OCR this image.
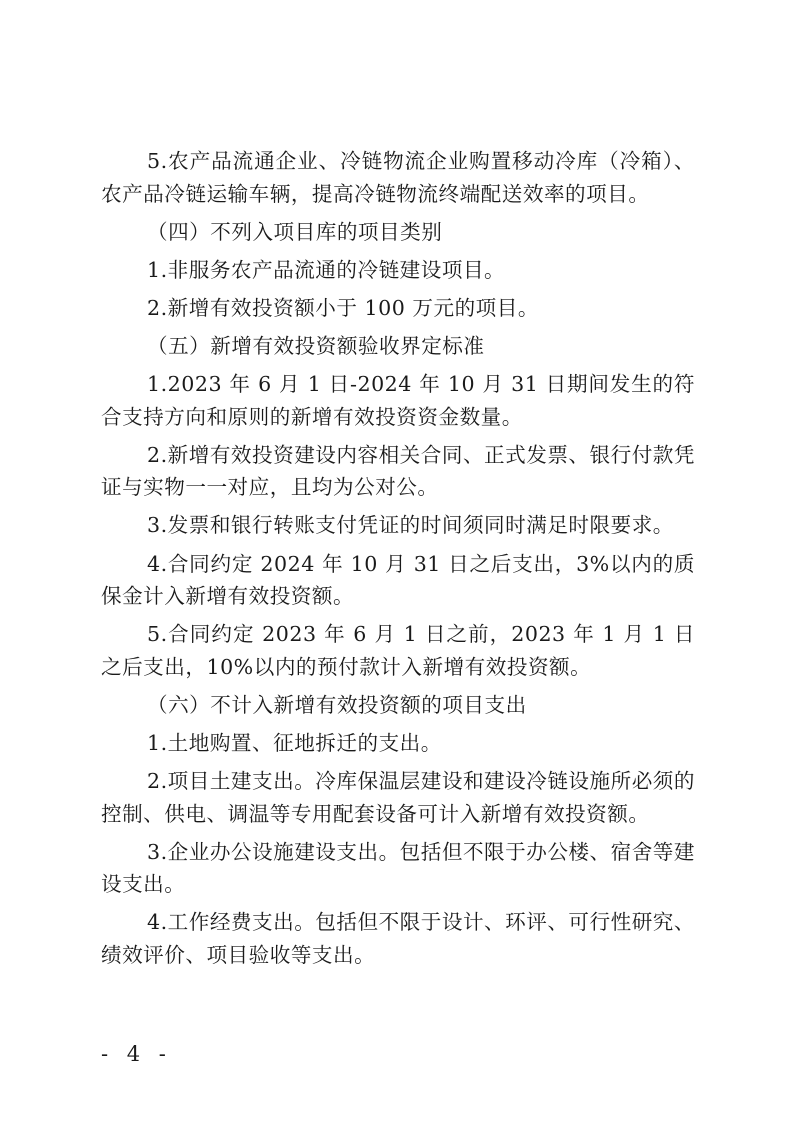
5.农产品流通企业、冷链物流企业购置移动冷库（冷箱）、农产品冷链运输车辆，提高冷链物流终端配送效率的项目。

（四）不列入项目库的项目类别

1.非服务农产品流通的冷链建设项目。

2.新增有效投资额小于 100 万元的项目。

（五）新增有效投资额验收界定标准

1.2023 年 6 月 1 日-2024 年 10 月 31 日期间发生的符合支持方向和原则的新增有效投资资金数量。

2.新增有效投资建设内容相关合同、正式发票、银行付款凭证与实物一一对应，且均为公对公。

3.发票和银行转账支付凭证的时间须同时满足时限要求。

4.合同约定 2024 年 10 月 31 日之后支出，3%以内的质保金计入新增有效投资额。

5.合同约定 2023 年 6 月 1 日之前，2023 年 1 月 1 日之后支出，10%以内的预付款计入新增有效投资额。

（六）不计入新增有效投资额的项目支出

1.土地购置、征地拆迁的支出。

2.项目土建支出。冷库保温层建设和建设冷链设施所必须的控制、供电、调温等专用配套设备可计入新增有效投资额。

3.企业办公设施建设支出。包括但不限于办公楼、宿舍等建设支出。

4.工作经费支出。包括但不限于设计、环评、可行性研究、绩效评价、项目验收等支出。

- 4 -
